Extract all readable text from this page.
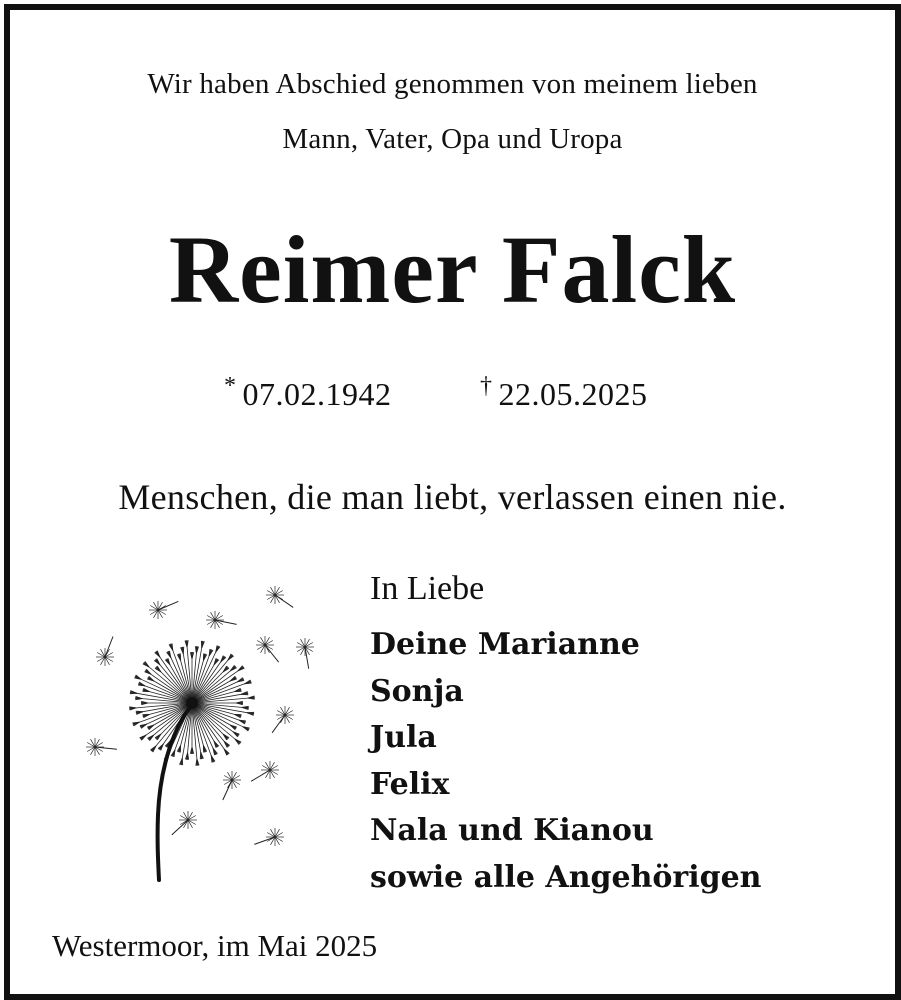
Wir haben Abschied genommen von meinem lieben
Mann, Vater, Opa und Uropa
Reimer Falck
* 07.02.1942	† 22.05.2025
Menschen, die man liebt, verlassen einen nie.
In Liebe
Deine Marianne
Sonja
Jula
Felix
Nala und Kianou
sowie alle Angehörigen
Westermoor, im Mai 2025
